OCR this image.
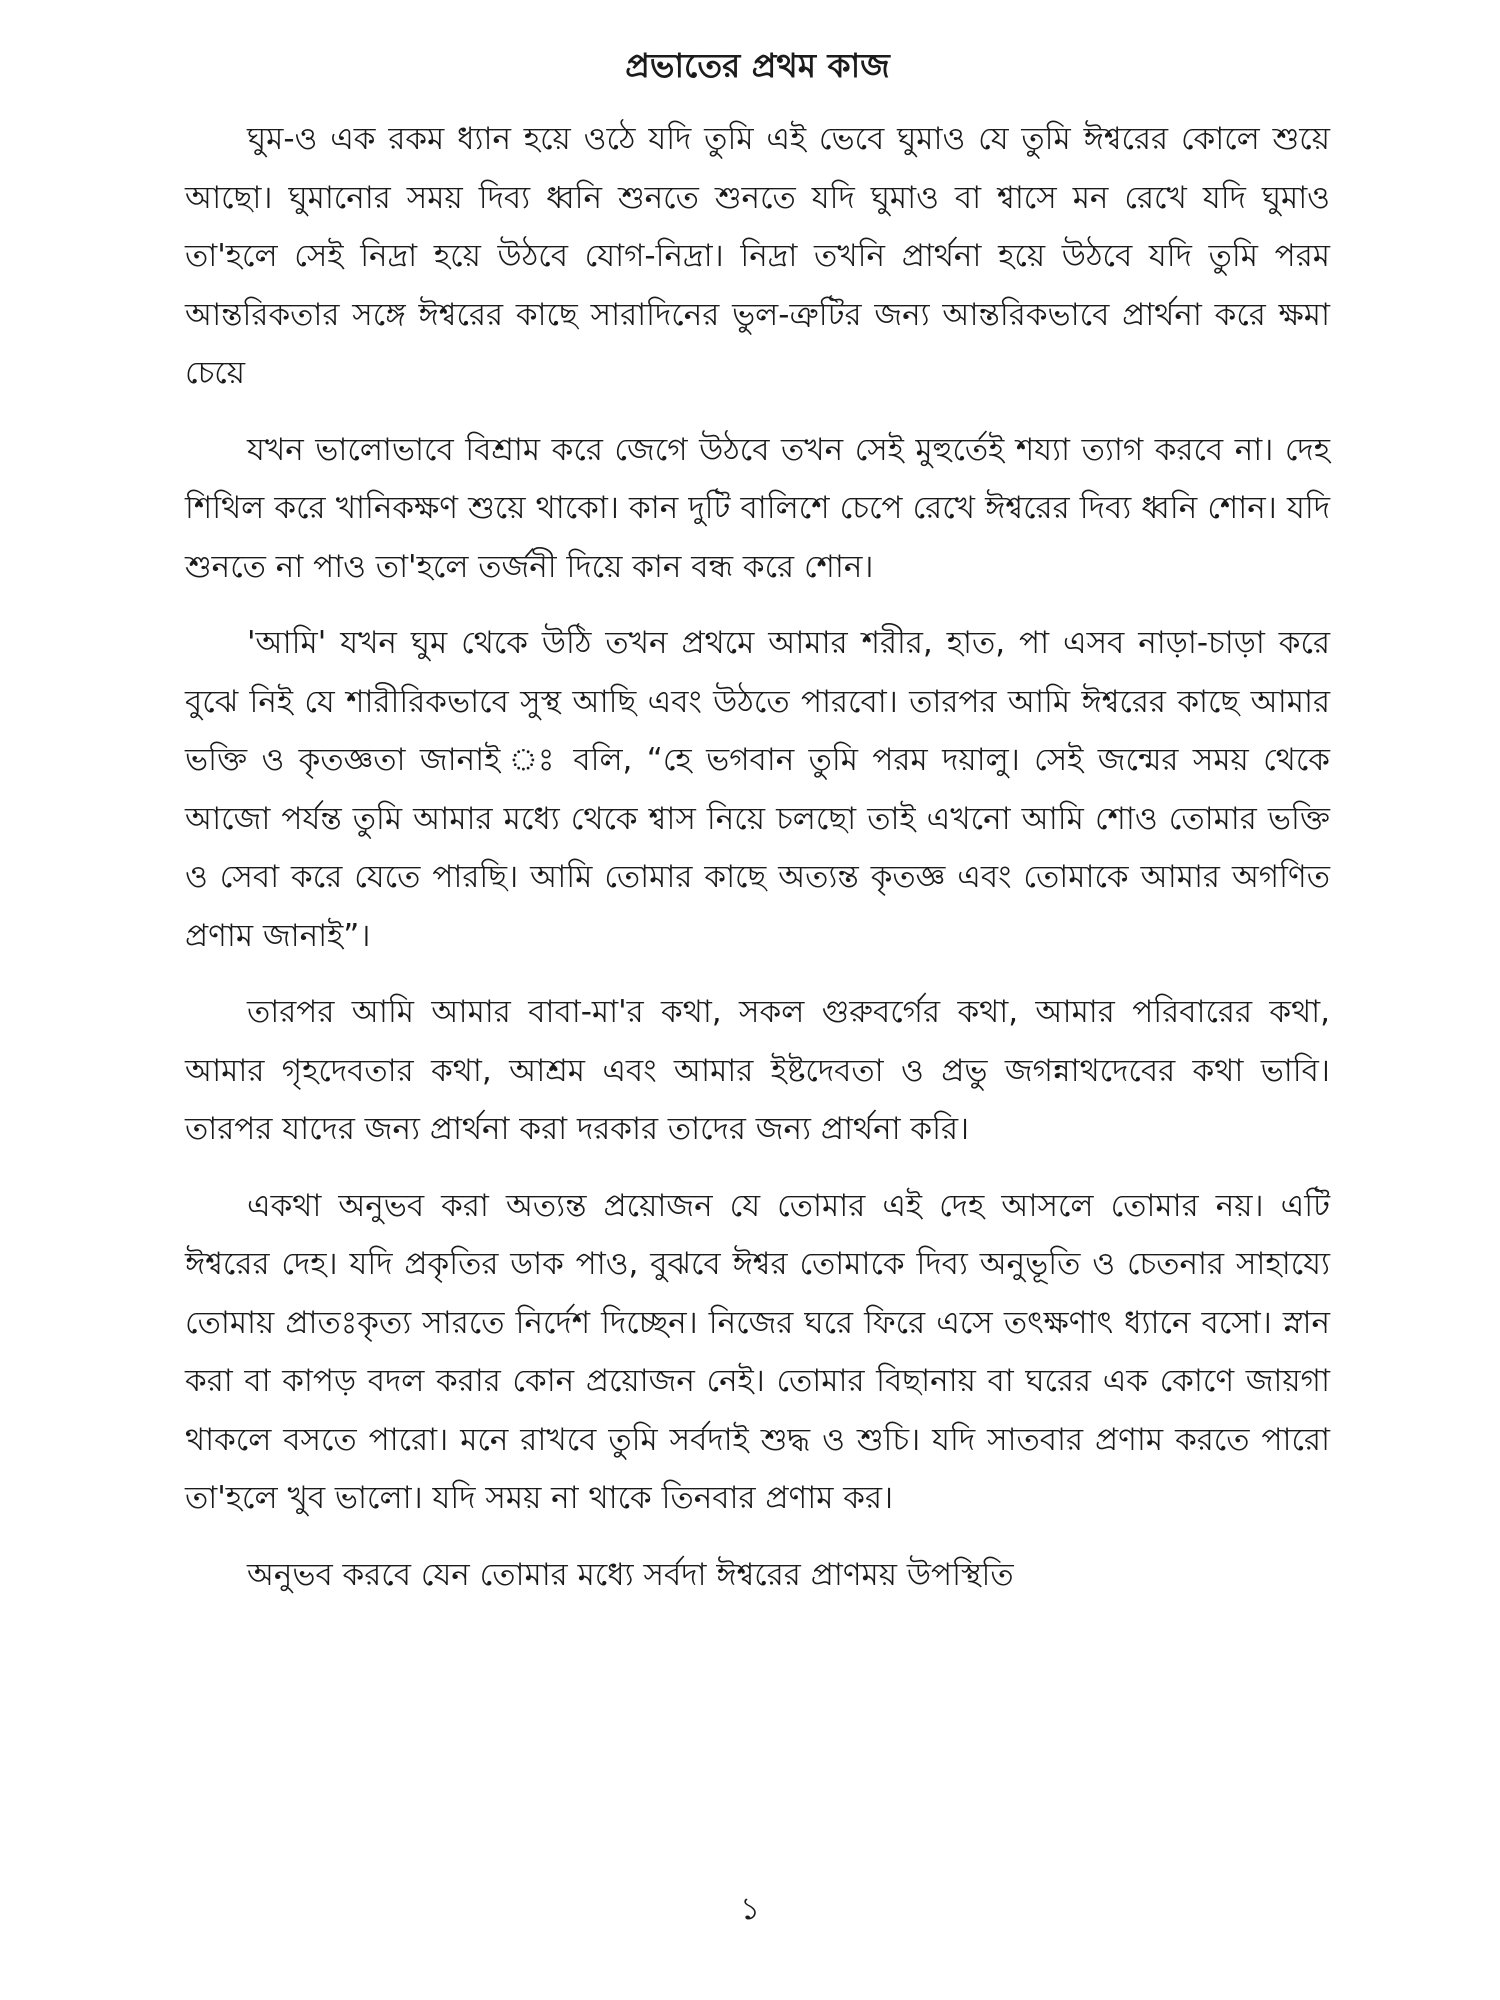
প্রভাতের প্রথম কাজ

ঘুম-ও এক রকম ধ্যান হয়ে ওঠে যদি তুমি এই ভেবে ঘুমাও যে তুমি ঈশ্বরের কোলে শুয়ে আছো। ঘুমানোর সময় দিব্য ধ্বনি শুনতে শুনতে যদি ঘুমাও বা শ্বাসে মন রেখে যদি ঘুমাও তা'হলে সেই নিদ্রা হয়ে উঠবে যোগ-নিদ্রা। নিদ্রা তখনি প্রার্থনা হয়ে উঠবে যদি তুমি পরম আন্তরিকতার সঙ্গে ঈশ্বরের কাছে সারাদিনের ভুল-ত্রুটির জন্য আন্তরিকভাবে প্রার্থনা করে ক্ষমা চেয়ে

যখন ভালোভাবে বিশ্রাম করে জেগে উঠবে তখন সেই মুহুর্তেই শয্যা ত্যাগ করবে না। দেহ শিথিল করে খানিকক্ষণ শুয়ে থাকো। কান দুটি বালিশে চেপে রেখে ঈশ্বরের দিব্য ধ্বনি শোন। যদি শুনতে না পাও তা'হলে তর্জনী দিয়ে কান বন্ধ করে শোন।

'আমি' যখন ঘুম থেকে উঠি তখন প্রথমে আমার শরীর, হাত, পা এসব নাড়া-চাড়া করে বুঝে নিই যে শারীরিকভাবে সুস্থ আছি এবং উঠতে পারবো। তারপর আমি ঈশ্বরের কাছে আমার ভক্তি ও কৃতজ্ঞতা জানাই ঃ বলি, “হে ভগবান তুমি পরম দয়ালু। সেই জন্মের সময় থেকে আজো পর্যন্ত তুমি আমার মধ্যে থেকে শ্বাস নিয়ে চলছো তাই এখনো আমি শোও তোমার ভক্তি ও সেবা করে যেতে পারছি। আমি তোমার কাছে অত্যন্ত কৃতজ্ঞ এবং তোমাকে আমার অগণিত প্রণাম জানাই”।

তারপর আমি আমার বাবা-মা'র কথা, সকল গুরুবর্গের কথা, আমার পরিবারের কথা, আমার গৃহদেবতার কথা, আশ্রম এবং আমার ইষ্টদেবতা ও প্রভু জগন্নাথদেবের কথা ভাবি। তারপর যাদের জন্য প্রার্থনা করা দরকার তাদের জন্য প্রার্থনা করি।

একথা অনুভব করা অত্যন্ত প্রয়োজন যে তোমার এই দেহ আসলে তোমার নয়। এটি ঈশ্বরের দেহ। যদি প্রকৃতির ডাক পাও, বুঝবে ঈশ্বর তোমাকে দিব্য অনুভূতি ও চেতনার সাহায্যে তোমায় প্রাতঃকৃত্য সারতে নির্দেশ দিচ্ছেন। নিজের ঘরে ফিরে এসে তৎক্ষণাৎ ধ্যানে বসো। স্নান করা বা কাপড় বদল করার কোন প্রয়োজন নেই। তোমার বিছানায় বা ঘরের এক কোণে জায়গা থাকলে বসতে পারো। মনে রাখবে তুমি সর্বদাই শুদ্ধ ও শুচি। যদি সাতবার প্রণাম করতে পারো তা'হলে খুব ভালো। যদি সময় না থাকে তিনবার প্রণাম কর।

অনুভব করবে যেন তোমার মধ্যে সর্বদা ঈশ্বরের প্রাণময় উপস্থিতি

১
